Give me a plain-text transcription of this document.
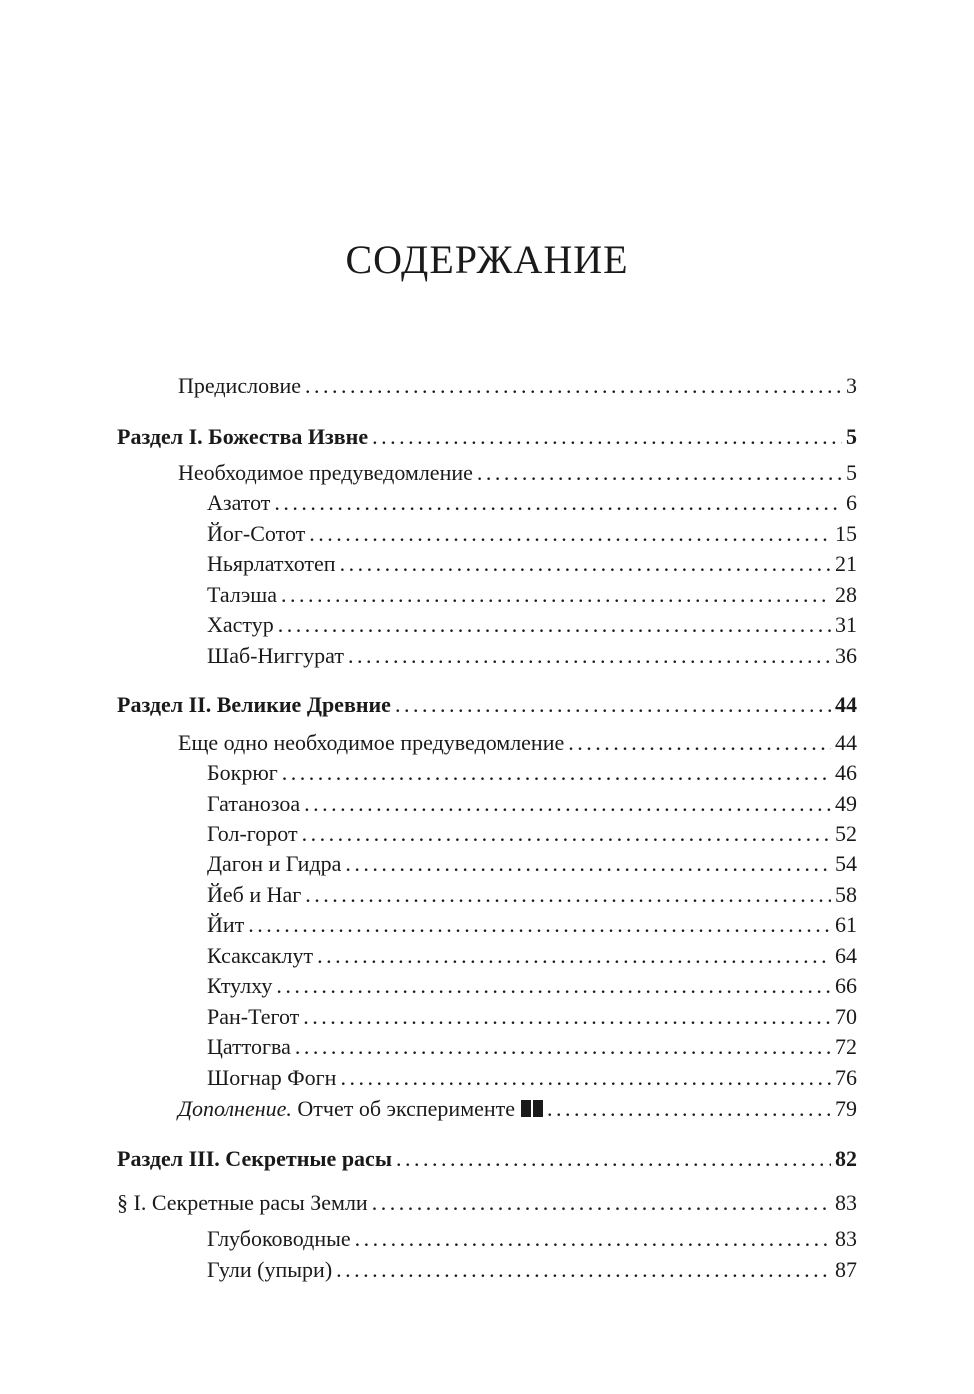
СОДЕРЖАНИЕ
Предисловие . . .	3
Раздел I. Божества Извне . . .	5
Необходимое предуведомление . . .	5
Азатот . . .	6
Йог-Сотот . . .	15
Ньярлатхотеп . . .	21
Талэша . . .	28
Хастур . . .	31
Шаб-Ниггурат . . .	36
Раздел II. Великие Древние . . .	44
Еще одно необходимое предуведомление . . .	44
Бокрюг . . .	46
Гатанозоа . . .	49
Гол-горот . . .	52
Дагон и Гидра . . .	54
Йеб и Наг . . .	58
Йит . . .	61
Ксаксаклут . . .	64
Ктулху . . .	66
Ран-Тегот . . .	70
Цаттогва . . .	72
Шогнар Фогн . . .	76
Дополнение. Отчет об эксперименте . . .	79
Раздел III. Секретные расы . . .	82
§ I. Секретные расы Земли . . .	83
Глубоководные . . .	83
Гули (упыри) . . .	87
